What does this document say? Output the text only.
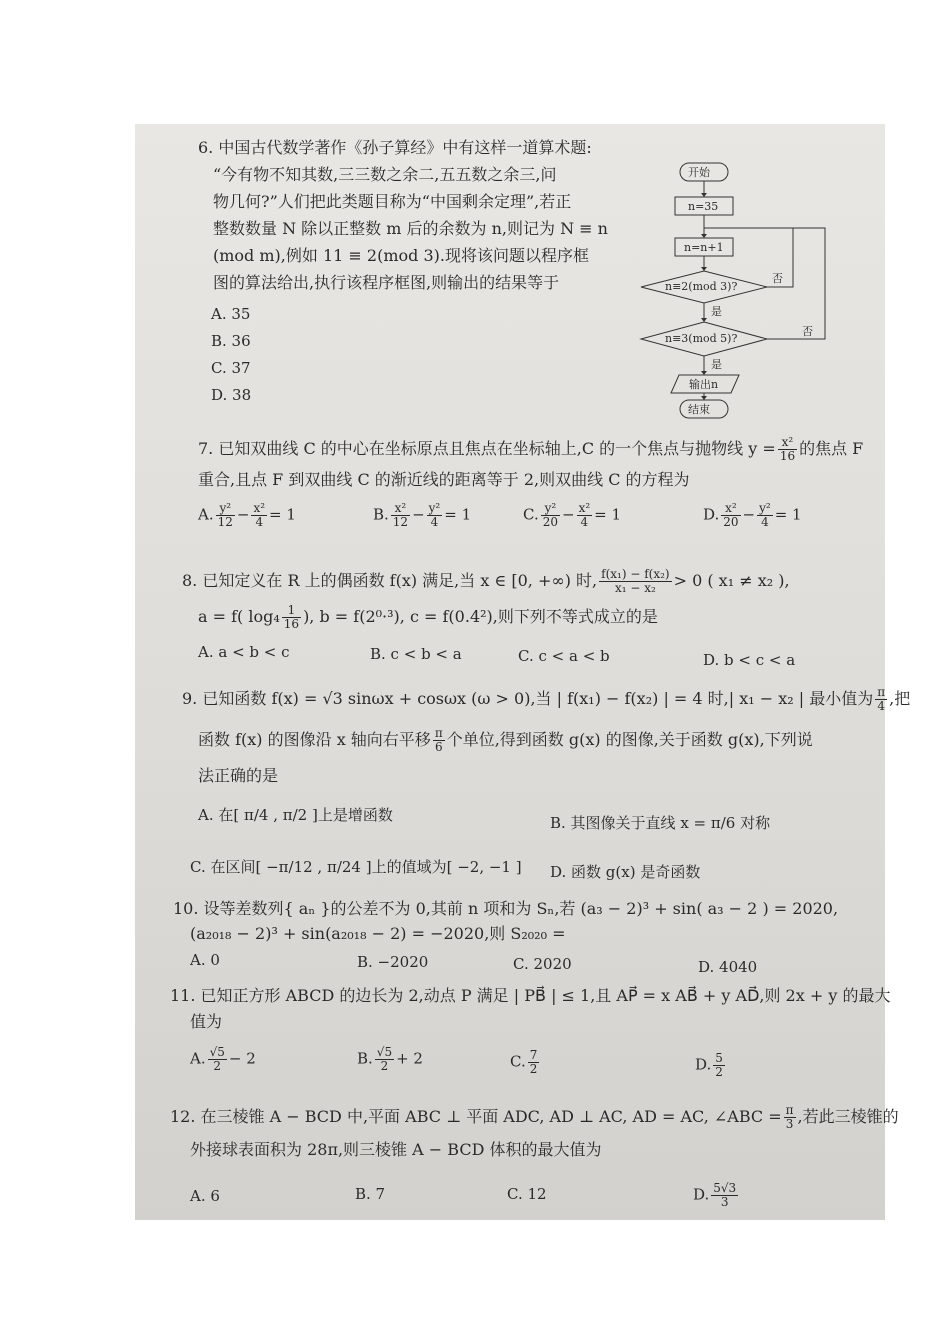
6. 中国古代数学著作《孙子算经》中有这样一道算术题:
“今有物不知其数,三三数之余二,五五数之余三,问
物几何?”人们把此类题目称为“中国剩余定理”,若正
整数数量 N 除以正整数 m 后的余数为 n,则记为 N ≡ n
(mod m),例如 11 ≡ 2(mod 3).现将该问题以程序框
图的算法给出,执行该程序框图,则输出的结果等于
A. 35
B. 36
C. 37
D. 38
开始
n=35
n=n+1
n≡2(mod 3)?
n≡3(mod 5)?
输出n
结束
是
是
否
否
7. 已知双曲线 C 的中心在坐标原点且焦点在坐标轴上,C 的一个焦点与抛物线 $y = \frac{\text{x²}}{16}$ 的焦点 F
重合,且点 F 到双曲线 C 的渐近线的距离等于 2,则双曲线 C 的方程为
A. $\frac{\text{y²}}{12} - \frac{\text{x²}}{4} = 1$	B. $\frac{\text{x²}}{12} - \frac{\text{y²}}{4} = 1$	C. $\frac{\text{y²}}{20} - \frac{\text{x²}}{4} = 1$	D. $\frac{\text{x²}}{20} - \frac{\text{y²}}{4} = 1$
8. 已知定义在 R 上的偶函数 f(x) 满足,当 x ∈ [0, +∞) 时, $\frac{\text{f(x₁) − f(x₂)}}{\text{x₁ − x₂}} > 0$ ( x₁ ≠ x₂ ),
a = f( $\log_4 \frac{1}{16}$ ), b = f(2⁰·³), c = f(0.4²),则下列不等式成立的是
A. a < b < c	B. c < b < a	C. c < a < b	D. b < c < a
9. 已知函数 f(x) = √3 sinωx + cosωx (ω > 0),当 | f(x₁) − f(x₂) | = 4 时,| x₁ − x₂ | 最小值为 $\frac{\pi}{4}$ ,把
函数 f(x) 的图像沿 x 轴向右平移 $\frac{\pi}{6}$ 个单位,得到函数 g(x) 的图像,关于函数 g(x),下列说
法正确的是
A. 在[ π/4 , π/2 ]上是增函数	B. 其图像关于直线 x = π/6 对称
C. 在区间[ −π/12 , π/24 ]上的值域为[ −2, −1 ] D. 函数 g(x) 是奇函数
10. 设等差数列{ aₙ }的公差不为 0,其前 n 项和为 Sₙ,若 (a₃ − 2)³ + sin( a₃ − 2 ) = 2020,
(a₂₀₁₈ − 2)³ + sin(a₂₀₁₈ − 2) = −2020,则 S₂₀₂₀ =
A. 0	B. −2020	C. 2020	D. 4040
11. 已知正方形 ABCD 的边长为 2,动点 P 满足 | PB⃗ | ≤ 1,且 AP⃗ = x AB⃗ + y AD⃗,则 2x + y 的最大
值为
A. $\frac{√5}{2} - 2$	B. $\frac{√5}{2} + 2$	C. $\frac{7}{2}$	D. $\frac{5}{2}$
12. 在三棱锥 A − BCD 中,平面 ABC ⊥ 平面 ADC, AD ⊥ AC, AD = AC, ∠ABC = $\frac{\pi}{3}$ ,若此三棱锥的
外接球表面积为 28π,则三棱锥 A − BCD 体积的最大值为
A. 6	B. 7	C. 12	D. $\frac{5√3}{3}$
